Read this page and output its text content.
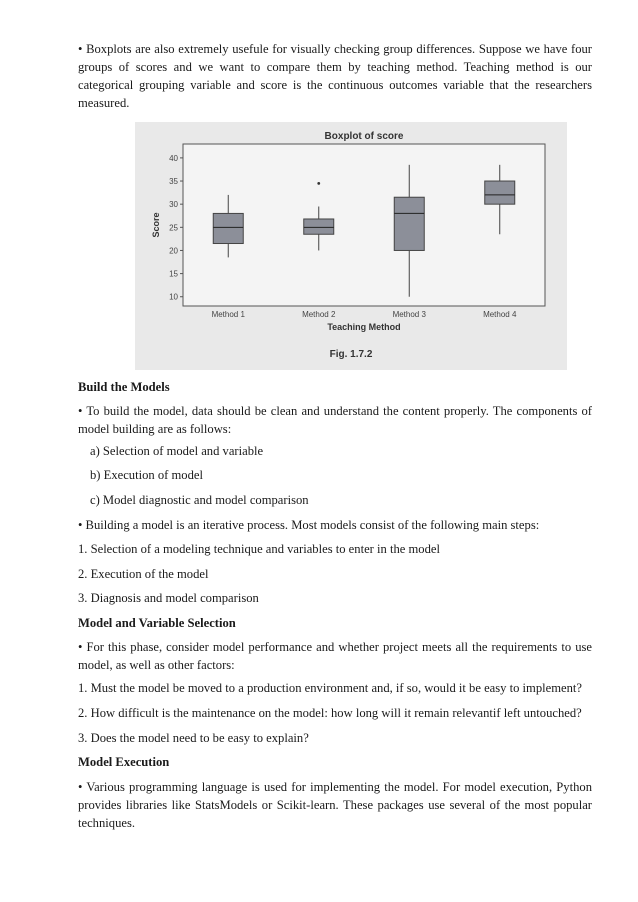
• Boxplots are also extremely usefule for visually checking group differences. Suppose we have four groups of scores and we want to compare them by teaching method. Teaching method is our categorical grouping variable and score is the continuous outcomes variable that the researchers measured.

Boxplot of score
10
15
20
25
30
35
40
Score
Method 1	Method 2	Method 3	Method 4
Teaching Method
Fig. 1.7.2

Build the Models

• To build the model, data should be clean and understand the content properly. The components of model building are as follows:

a) Selection of model and variable

b) Execution of model

c) Model diagnostic and model comparison

• Building a model is an iterative process. Most models consist of the following main steps:

1. Selection of a modeling technique and variables to enter in the model

2. Execution of the model

3. Diagnosis and model comparison

Model and Variable Selection

• For this phase, consider model performance and whether project meets all the requirements to use model, as well as other factors:

1. Must the model be moved to a production environment and, if so, would it be easy to implement?

2. How difficult is the maintenance on the model: how long will it remain relevantif left untouched?

3. Does the model need to be easy to explain?

Model Execution

• Various programming language is used for implementing the model. For model execution, Python provides libraries like StatsModels or Scikit-learn. These packages use several of the most popular techniques.
